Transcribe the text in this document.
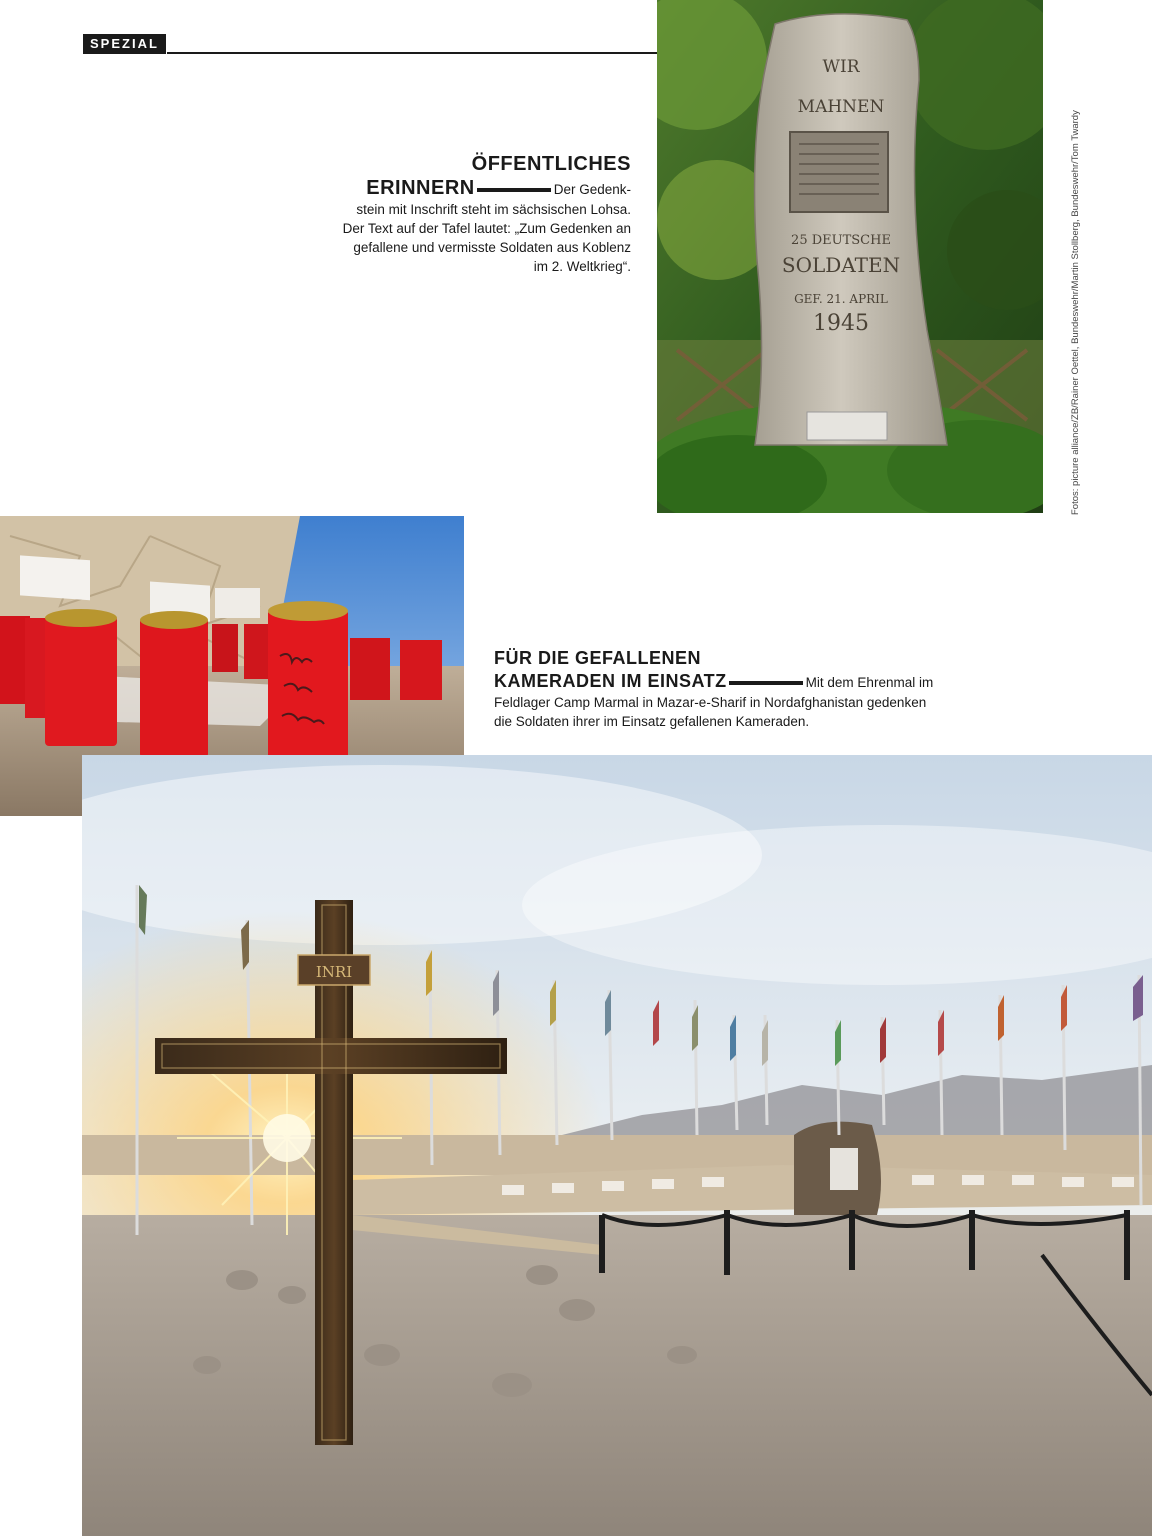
SPEZIAL
ÖFFENTLICHES
ERINNERN	Der Gedenk- stein mit Inschrift steht im sächsischen Lohsa. Der Text auf der Tafel lautet: „Zum Gedenken an gefallene und vermisste Soldaten aus Koblenz im 2. Weltkrieg“.
WIR
MAHNEN
25 DEUTSCHE
SOLDATEN
GEF. 21. APRIL
1945	Fotos: picture alliance/ZB/Rainer Oettel, Bundeswehr/Martin Stollberg, Bundeswehr/Tom Twardy
FÜR DIE GEFALLENEN
KAMERADEN IM EINSATZ	Mit dem Ehrenmal im Feldlager Camp Marmal in Mazar-e-Sharif in Nordafghanistan gedenken die Soldaten ihrer im Einsatz gefallenen Kameraden.
INRI
